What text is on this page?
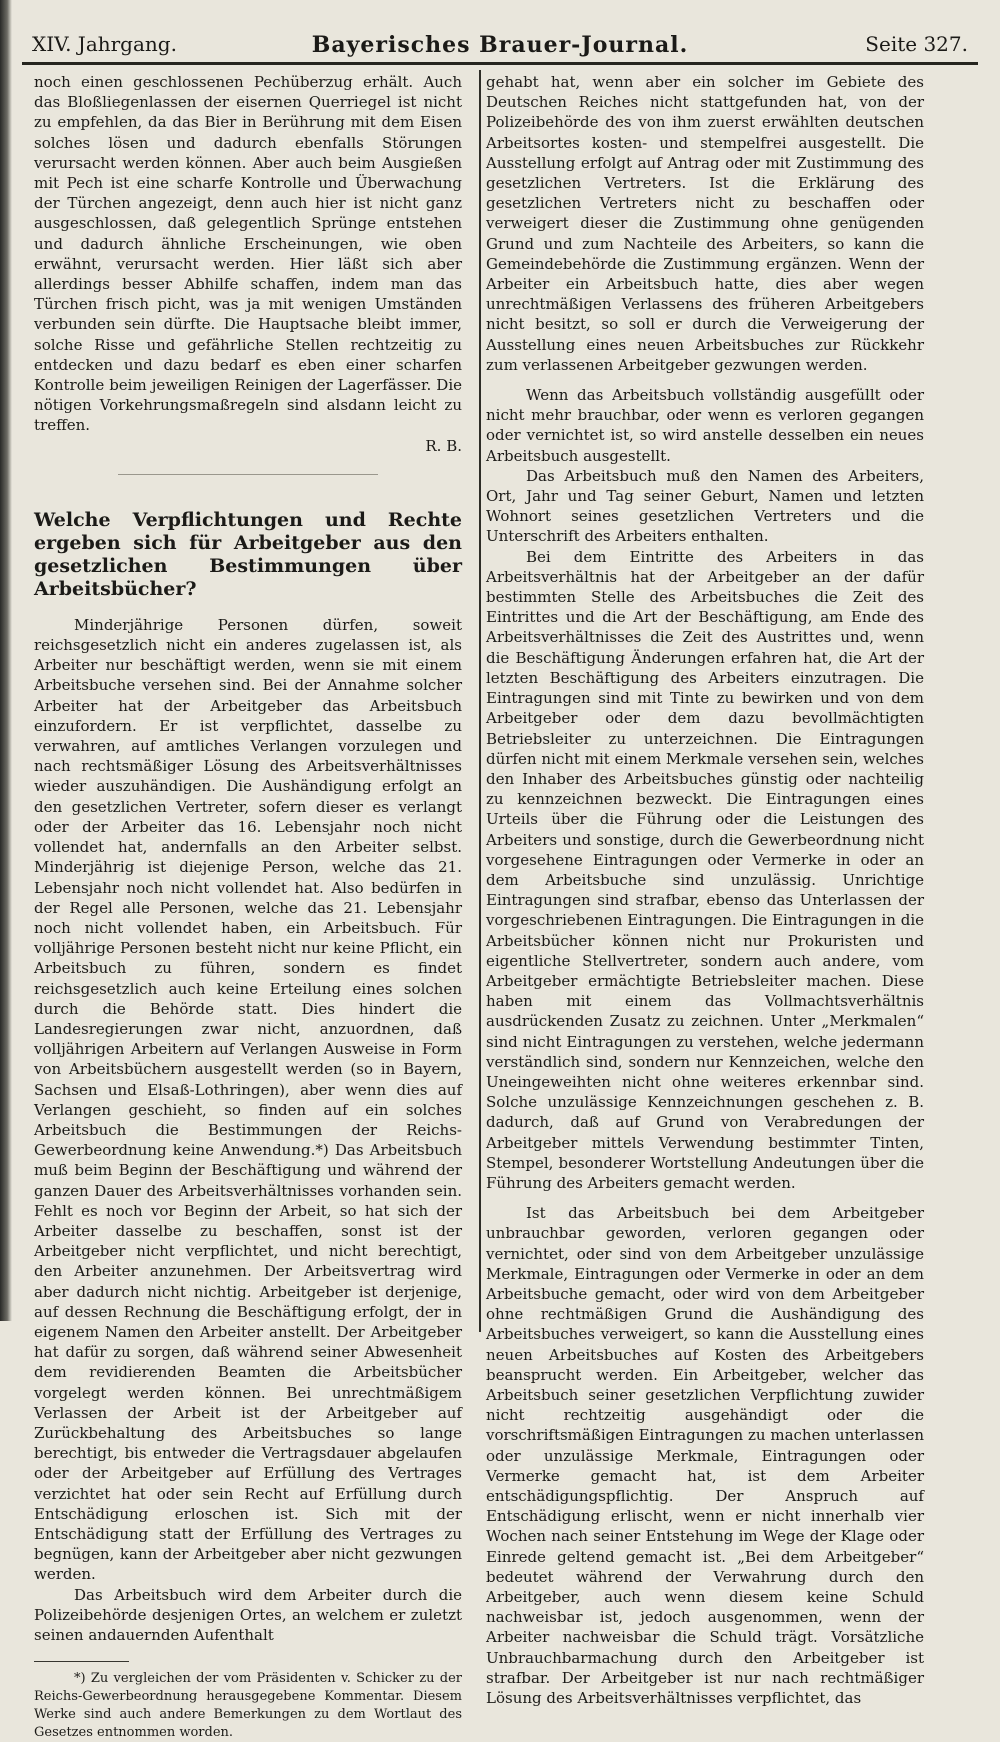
XIV. Jahrgang.	Bayerisches Brauer-Journal.	Seite 327.

noch einen geschlossenen Pechüberzug erhält. Auch das Bloßliegenlassen der eisernen Querriegel ist nicht zu empfehlen, da das Bier in Berührung mit dem Eisen solches lösen und dadurch ebenfalls Störungen verursacht werden können. Aber auch beim Ausgießen mit Pech ist eine scharfe Kontrolle und Überwachung der Türchen angezeigt, denn auch hier ist nicht ganz ausgeschlossen, daß gelegentlich Sprünge entstehen und dadurch ähnliche Erscheinungen, wie oben erwähnt, verursacht werden. Hier läßt sich aber allerdings besser Abhilfe schaffen, indem man das Türchen frisch picht, was ja mit wenigen Umständen verbunden sein dürfte. Die Hauptsache bleibt immer, solche Risse und gefährliche Stellen rechtzeitig zu entdecken und dazu bedarf es eben einer scharfen Kontrolle beim jeweiligen Reinigen der Lagerfässer. Die nötigen Vorkehrungsmaßregeln sind alsdann leicht zu treffen.

R. B.

Welche Verpflichtungen und Rechte ergeben sich für Arbeitgeber aus den gesetzlichen Bestimmungen über Arbeitsbücher?

Minderjährige Personen dürfen, soweit reichsgesetzlich nicht ein anderes zugelassen ist, als Arbeiter nur beschäftigt werden, wenn sie mit einem Arbeitsbuche versehen sind. Bei der Annahme solcher Arbeiter hat der Arbeitgeber das Arbeitsbuch einzufordern. Er ist verpflichtet, dasselbe zu verwahren, auf amtliches Verlangen vorzulegen und nach rechtsmäßiger Lösung des Arbeitsverhältnisses wieder auszuhändigen. Die Aushändigung erfolgt an den gesetzlichen Vertreter, sofern dieser es verlangt oder der Arbeiter das 16. Lebensjahr noch nicht vollendet hat, andernfalls an den Arbeiter selbst. Minderjährig ist diejenige Person, welche das 21. Lebensjahr noch nicht vollendet hat. Also bedürfen in der Regel alle Personen, welche das 21. Lebensjahr noch nicht vollendet haben, ein Arbeitsbuch. Für volljährige Personen besteht nicht nur keine Pflicht, ein Arbeitsbuch zu führen, sondern es findet reichsgesetzlich auch keine Erteilung eines solchen durch die Behörde statt. Dies hindert die Landesregierungen zwar nicht, anzuordnen, daß volljährigen Arbeitern auf Verlangen Ausweise in Form von Arbeitsbüchern ausgestellt werden (so in Bayern, Sachsen und Elsaß-Lothringen), aber wenn dies auf Verlangen geschieht, so finden auf ein solches Arbeitsbuch die Bestimmungen der Reichs-Gewerbeordnung keine Anwendung.*) Das Arbeitsbuch muß beim Beginn der Beschäftigung und während der ganzen Dauer des Arbeitsverhältnisses vorhanden sein. Fehlt es noch vor Beginn der Arbeit, so hat sich der Arbeiter dasselbe zu beschaffen, sonst ist der Arbeitgeber nicht verpflichtet, und nicht berechtigt, den Arbeiter anzunehmen. Der Arbeitsvertrag wird aber dadurch nicht nichtig. Arbeitgeber ist derjenige, auf dessen Rechnung die Beschäftigung erfolgt, der in eigenem Namen den Arbeiter anstellt. Der Arbeitgeber hat dafür zu sorgen, daß während seiner Abwesenheit dem revidierenden Beamten die Arbeitsbücher vorgelegt werden können. Bei unrechtmäßigem Verlassen der Arbeit ist der Arbeitgeber auf Zurückbehaltung des Arbeitsbuches so lange berechtigt, bis entweder die Vertragsdauer abgelaufen oder der Arbeitgeber auf Erfüllung des Vertrages verzichtet hat oder sein Recht auf Erfüllung durch Entschädigung erloschen ist. Sich mit der Entschädigung statt der Erfüllung des Vertrages zu begnügen, kann der Arbeitgeber aber nicht gezwungen werden.

Das Arbeitsbuch wird dem Arbeiter durch die Polizeibehörde desjenigen Ortes, an welchem er zuletzt seinen andauernden Aufenthalt

*) Zu vergleichen der vom Präsidenten v. Schicker zu der Reichs-Gewerbeordnung herausgegebene Kommentar. Diesem Werke sind auch andere Bemerkungen zu dem Wortlaut des Gesetzes entnommen worden.

gehabt hat, wenn aber ein solcher im Gebiete des Deutschen Reiches nicht stattgefunden hat, von der Polizeibehörde des von ihm zuerst erwählten deutschen Arbeitsortes kosten- und stempelfrei ausgestellt. Die Ausstellung erfolgt auf Antrag oder mit Zustimmung des gesetzlichen Vertreters. Ist die Erklärung des gesetzlichen Vertreters nicht zu beschaffen oder verweigert dieser die Zustimmung ohne genügenden Grund und zum Nachteile des Arbeiters, so kann die Gemeindebehörde die Zustimmung ergänzen. Wenn der Arbeiter ein Arbeitsbuch hatte, dies aber wegen unrechtmäßigen Verlassens des früheren Arbeitgebers nicht besitzt, so soll er durch die Verweigerung der Ausstellung eines neuen Arbeitsbuches zur Rückkehr zum verlassenen Arbeitgeber gezwungen werden.

Wenn das Arbeitsbuch vollständig ausgefüllt oder nicht mehr brauchbar, oder wenn es verloren gegangen oder vernichtet ist, so wird anstelle desselben ein neues Arbeitsbuch ausgestellt.

Das Arbeitsbuch muß den Namen des Arbeiters, Ort, Jahr und Tag seiner Geburt, Namen und letzten Wohnort seines gesetzlichen Vertreters und die Unterschrift des Arbeiters enthalten.

Bei dem Eintritte des Arbeiters in das Arbeitsverhältnis hat der Arbeitgeber an der dafür bestimmten Stelle des Arbeitsbuches die Zeit des Eintrittes und die Art der Beschäftigung, am Ende des Arbeitsverhältnisses die Zeit des Austrittes und, wenn die Beschäftigung Änderungen erfahren hat, die Art der letzten Beschäftigung des Arbeiters einzutragen. Die Eintragungen sind mit Tinte zu bewirken und von dem Arbeitgeber oder dem dazu bevollmächtigten Betriebsleiter zu unterzeichnen. Die Eintragungen dürfen nicht mit einem Merkmale versehen sein, welches den Inhaber des Arbeitsbuches günstig oder nachteilig zu kennzeichnen bezweckt. Die Eintragungen eines Urteils über die Führung oder die Leistungen des Arbeiters und sonstige, durch die Gewerbeordnung nicht vorgesehene Eintragungen oder Vermerke in oder an dem Arbeitsbuche sind unzulässig. Unrichtige Eintragungen sind strafbar, ebenso das Unterlassen der vorgeschriebenen Eintragungen. Die Eintragungen in die Arbeitsbücher können nicht nur Prokuristen und eigentliche Stellvertreter, sondern auch andere, vom Arbeitgeber ermächtigte Betriebsleiter machen. Diese haben mit einem das Vollmachtsverhältnis ausdrückenden Zusatz zu zeichnen. Unter „Merkmalen“ sind nicht Eintragungen zu verstehen, welche jedermann verständlich sind, sondern nur Kennzeichen, welche den Uneingeweihten nicht ohne weiteres erkennbar sind. Solche unzulässige Kennzeichnungen geschehen z. B. dadurch, daß auf Grund von Verabredungen der Arbeitgeber mittels Verwendung bestimmter Tinten, Stempel, besonderer Wortstellung Andeutungen über die Führung des Arbeiters gemacht werden.

Ist das Arbeitsbuch bei dem Arbeitgeber unbrauchbar geworden, verloren gegangen oder vernichtet, oder sind von dem Arbeitgeber unzulässige Merkmale, Eintragungen oder Vermerke in oder an dem Arbeitsbuche gemacht, oder wird von dem Arbeitgeber ohne rechtmäßigen Grund die Aushändigung des Arbeitsbuches verweigert, so kann die Ausstellung eines neuen Arbeitsbuches auf Kosten des Arbeitgebers beansprucht werden. Ein Arbeitgeber, welcher das Arbeitsbuch seiner gesetzlichen Verpflichtung zuwider nicht rechtzeitig ausgehändigt oder die vorschriftsmäßigen Eintragungen zu machen unterlassen oder unzulässige Merkmale, Eintragungen oder Vermerke gemacht hat, ist dem Arbeiter entschädigungspflichtig. Der Anspruch auf Entschädigung erlischt, wenn er nicht innerhalb vier Wochen nach seiner Entstehung im Wege der Klage oder Einrede geltend gemacht ist. „Bei dem Arbeitgeber“ bedeutet während der Verwahrung durch den Arbeitgeber, auch wenn diesem keine Schuld nachweisbar ist, jedoch ausgenommen, wenn der Arbeiter nachweisbar die Schuld trägt. Vorsätzliche Unbrauchbarmachung durch den Arbeitgeber ist strafbar. Der Arbeitgeber ist nur nach rechtmäßiger Lösung des Arbeitsverhältnisses verpflichtet, das
